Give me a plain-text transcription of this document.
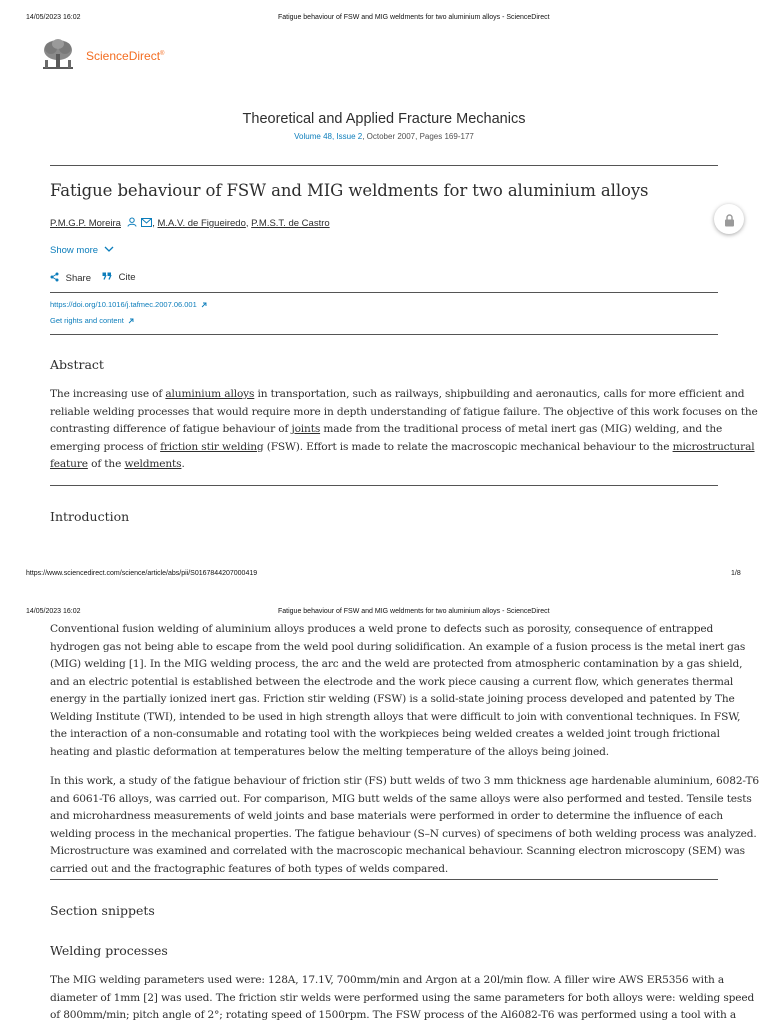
14/05/2023 16:02	Fatigue behaviour of FSW and MIG weldments for two aluminium alloys - ScienceDirect
ScienceDirect®
Theoretical and Applied Fracture Mechanics
Volume 48, Issue 2, October 2007, Pages 169-177
Fatigue behaviour of FSW and MIG weldments for two aluminium alloys
P.M.G.P. Moreira	, M.A.V. de Figueiredo, P.M.S.T. de Castro
Show more
Share	Cite
https://doi.org/10.1016/j.tafmec.2007.06.001
Get rights and content
Abstract
The increasing use of aluminium alloys in transportation, such as railways, shipbuilding and aeronautics, calls for more efficient and
reliable welding processes that would require more in depth understanding of fatigue failure. The objective of this work focuses on the
contrasting difference of fatigue behaviour of joints made from the traditional process of metal inert gas (MIG) welding, and the
emerging process of friction stir welding (FSW). Effort is made to relate the macroscopic mechanical behaviour to the microstructural
feature of the weldments.
Introduction
https://www.sciencedirect.com/science/article/abs/pii/S0167844207000419	1/8
14/05/2023 16:02	Fatigue behaviour of FSW and MIG weldments for two aluminium alloys - ScienceDirect
Conventional fusion welding of aluminium alloys produces a weld prone to defects such as porosity, consequence of entrapped
hydrogen gas not being able to escape from the weld pool during solidification. An example of a fusion process is the metal inert gas
(MIG) welding [1]. In the MIG welding process, the arc and the weld are protected from atmospheric contamination by a gas shield,
and an electric potential is established between the electrode and the work piece causing a current flow, which generates thermal
energy in the partially ionized inert gas. Friction stir welding (FSW) is a solid-state joining process developed and patented by The
Welding Institute (TWI), intended to be used in high strength alloys that were difficult to join with conventional techniques. In FSW,
the interaction of a non-consumable and rotating tool with the workpieces being welded creates a welded joint trough frictional
heating and plastic deformation at temperatures below the melting temperature of the alloys being joined.
In this work, a study of the fatigue behaviour of friction stir (FS) butt welds of two 3 mm thickness age hardenable aluminium, 6082-T6
and 6061-T6 alloys, was carried out. For comparison, MIG butt welds of the same alloys were also performed and tested. Tensile tests
and microhardness measurements of weld joints and base materials were performed in order to determine the influence of each
welding process in the mechanical properties. The fatigue behaviour (S–N curves) of specimens of both welding process was analyzed.
Microstructure was examined and correlated with the macroscopic mechanical behaviour. Scanning electron microscopy (SEM) was
carried out and the fractographic features of both types of welds compared.
Section snippets
Welding processes
The MIG welding parameters used were: 128A, 17.1V, 700mm/min and Argon at a 20l/min flow. A filler wire AWS ER5356 with a
diameter of 1mm [2] was used. The friction stir welds were performed using the same parameters for both alloys were: welding speed
of 800mm/min; pitch angle of 2°; rotating speed of 1500rpm. The FSW process of the Al6082-T6 was performed using a tool with a
